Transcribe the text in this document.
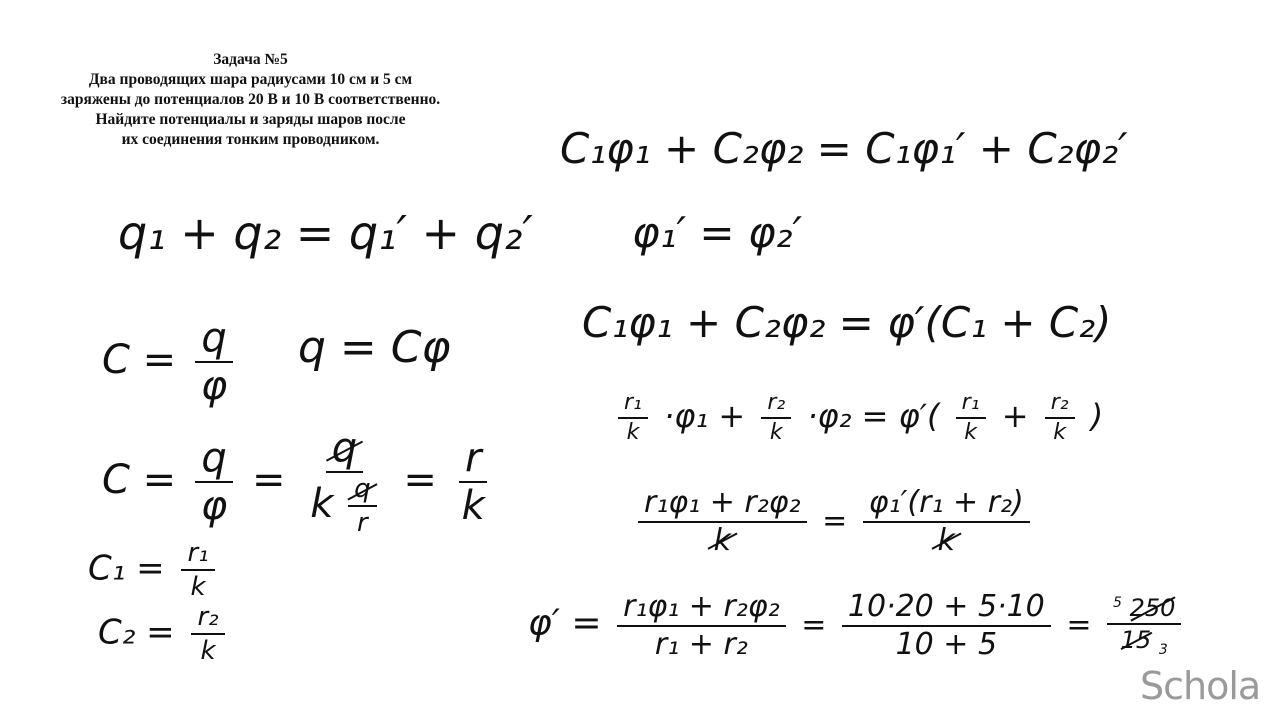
Задача №5
Два проводящих шара радиусами 10 см и 5 см
заряжены до потенциалов 20 В и 10 В соответственно.
Найдите потенциалы и заряды шаров после
их соединения тонким проводником.
q₁ + q₂ = q₁′ + q₂′
$C = \frac{q}{\varphi}$ q = Cφ
$C = \frac{q}{\varphi} = \frac{q}{k \frac{q}{r}} = \frac{r}{k}$
$C_1 = \frac{\text{r₁}}{k}$
$C_2 = \frac{\text{r₂}}{k}$
C₁φ₁ + C₂φ₂ = C₁φ₁′ + C₂φ₂′
φ₁′ = φ₂′
C₁φ₁ + C₂φ₂ = φ′(C₁ + C₂)
$\frac{\text{r₁}}{k} \cdot\varphi_1 + \frac{\text{r₂}}{k} \cdot\varphi_2 = \varphi'( \frac{\text{r₁}}{k} + \frac{\text{r₂}}{k}$ )
$\frac{\text{r₁φ₁ + r₂φ₂}}{k} = \frac{\text{φ₁′(r₁ + r₂)}}{k}$
$\varphi' = \frac{\text{r₁φ₁ + r₂φ₂}}{\text{r₁ + r₂}} = \frac{10\cdot 20 + 5\cdot 10}{10 + 5} = \frac{^5 250}{15 _3}$
Schola
